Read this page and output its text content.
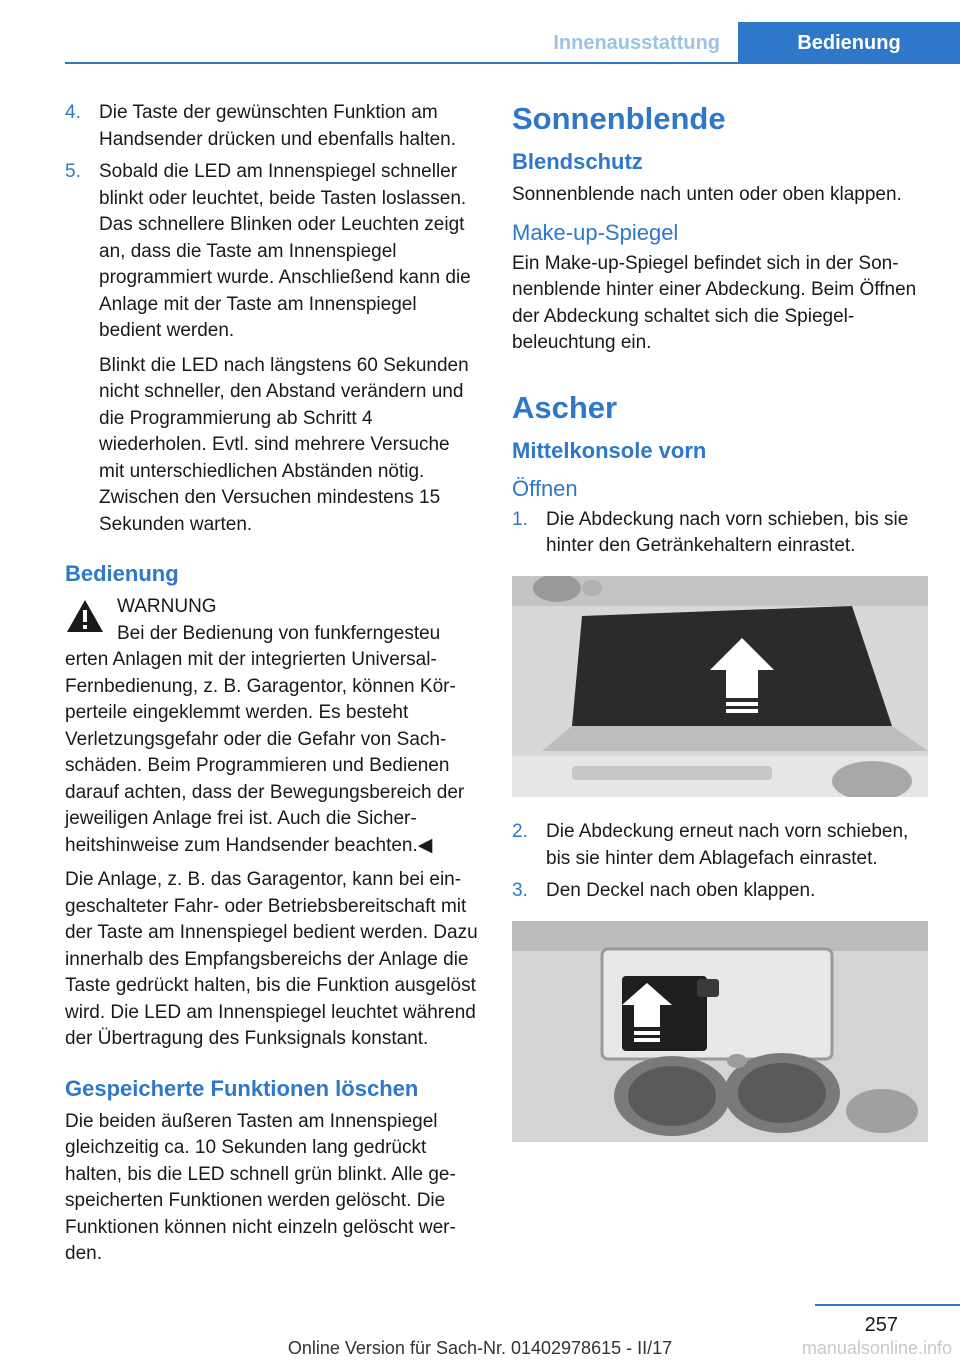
Innenausstattung	Bedienung
4. Die Taste der gewünschten Funktion am Handsender drücken und ebenfalls halten.
5. Sobald die LED am Innenspiegel schneller blinkt oder leuchtet, beide Tasten loslassen. Das schnellere Blinken oder Leuchten zeigt an, dass die Taste am Innenspiegel programmiert wurde. Anschließend kann die Anlage mit der Taste am Innenspiegel bedient werden.

Blinkt die LED nach längstens 60 Sekunden nicht schneller, den Abstand verändern und die Programmierung ab Schritt 4 wiederholen. Evtl. sind mehrere Versuche mit unterschiedlichen Abständen nötig. Zwischen den Versuchen mindestens 15 Sekunden warten.

Bedienung
WARNUNG
Bei der Bedienung von funkferngesteu
erten Anlagen mit der integrierten Universal-Fernbedienung, z. B. Garagentor, können Körperteile eingeklemmt werden. Es besteht Verletzungsgefahr oder die Gefahr von Sachschäden. Beim Programmieren und Bedienen darauf achten, dass der Bewegungsbereich der jeweiligen Anlage frei ist. Auch die Sicherheitshinweise zum Handsender beachten.◀

Die Anlage, z. B. das Garagentor, kann bei eingeschalteter Fahr- oder Betriebsbereitschaft mit der Taste am Innenspiegel bedient werden. Dazu innerhalb des Empfangsbereichs der Anlage die Taste gedrückt halten, bis die Funktion ausgelöst wird. Die LED am Innenspiegel leuchtet während der Übertragung des Funksignals konstant.

Gespeicherte Funktionen löschen

Die beiden äußeren Tasten am Innenspiegel gleichzeitig ca. 10 Sekunden lang gedrückt halten, bis die LED schnell grün blinkt. Alle gespeicherten Funktionen werden gelöscht. Die Funktionen können nicht einzeln gelöscht werden.

Sonnenblende
Blendschutz

Sonnenblende nach unten oder oben klappen.

Make-up-Spiegel

Ein Make-up-Spiegel befindet sich in der Sonnenblende hinter einer Abdeckung. Beim Öffnen der Abdeckung schaltet sich die Spiegelbeleuchtung ein.

Ascher
Mittelkonsole vorn
Öffnen
1. Die Abdeckung nach vorn schieben, bis sie hinter den Getränkehaltern einrastet.
2. Die Abdeckung erneut nach vorn schieben, bis sie hinter dem Ablagefach einrastet.
3. Den Deckel nach oben klappen.
257
Online Version für Sach-Nr. 01402978615 - II/17	manualsonline.info
